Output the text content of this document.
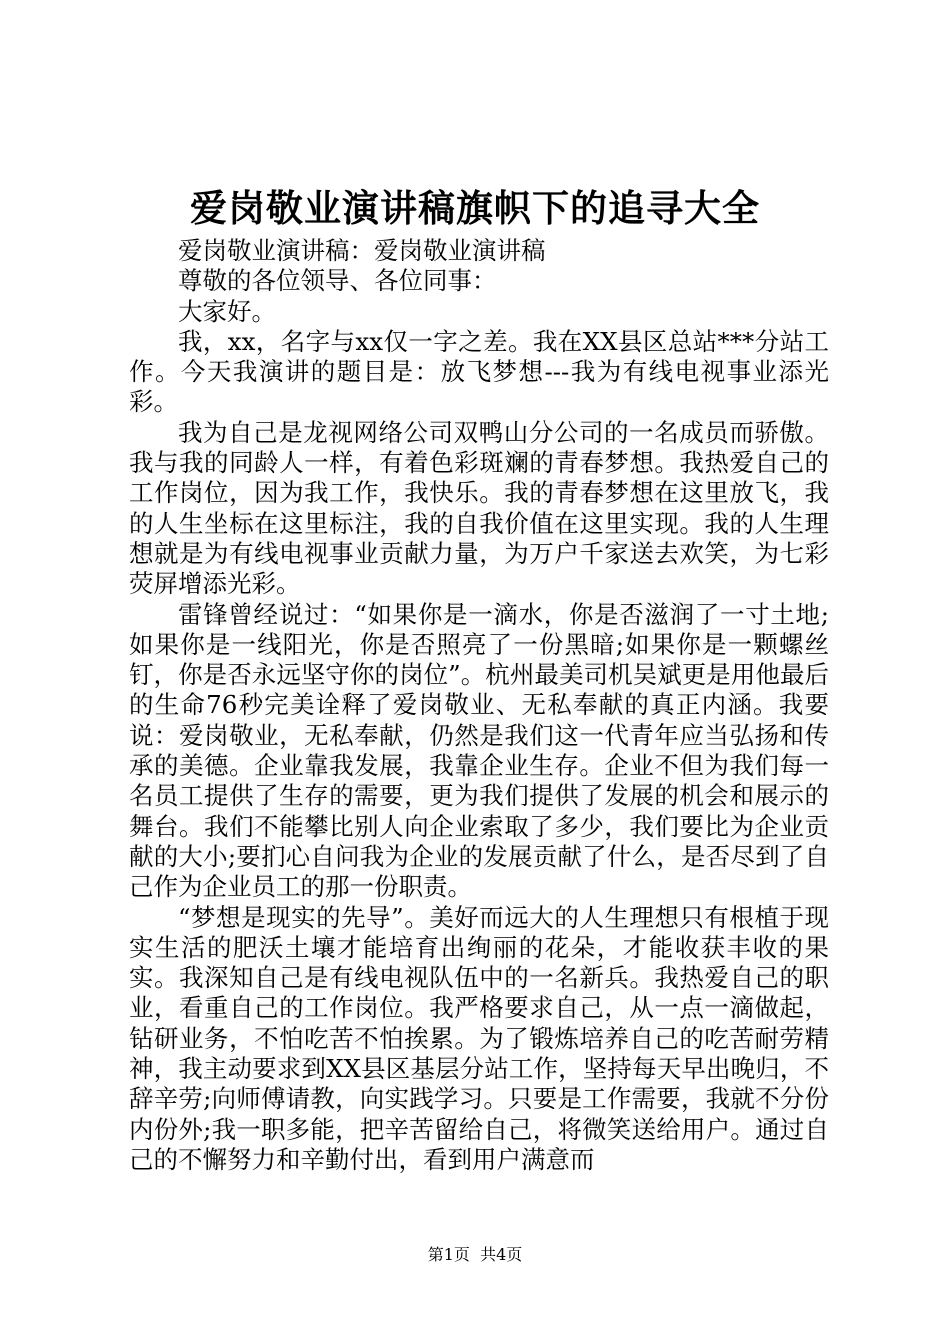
爱岗敬业演讲稿旗帜下的追寻大全

爱岗敬业演讲稿：爱岗敬业演讲稿

尊敬的各位领导、各位同事：

大家好。

我，xx，名字与xx仅一字之差。我在XX县区总站***分站工作。今天我演讲的题目是：放飞梦想---我为有线电视事业添光彩。

我为自己是龙视网络公司双鸭山分公司的一名成员而骄傲。我与我的同龄人一样，有着色彩斑斓的青春梦想。我热爱自己的工作岗位，因为我工作，我快乐。我的青春梦想在这里放飞，我的人生坐标在这里标注，我的自我价值在这里实现。我的人生理想就是为有线电视事业贡献力量，为万户千家送去欢笑，为七彩荧屏增添光彩。

雷锋曾经说过：“如果你是一滴水，你是否滋润了一寸土地;如果你是一线阳光，你是否照亮了一份黑暗;如果你是一颗螺丝钉，你是否永远坚守你的岗位”。杭州最美司机吴斌更是用他最后的生命76秒完美诠释了爱岗敬业、无私奉献的真正内涵。我要说：爱岗敬业，无私奉献，仍然是我们这一代青年应当弘扬和传承的美德。企业靠我发展，我靠企业生存。企业不但为我们每一名员工提供了生存的需要，更为我们提供了发展的机会和展示的舞台。我们不能攀比别人向企业索取了多少，我们要比为企业贡献的大小;要扪心自问我为企业的发展贡献了什么，是否尽到了自己作为企业员工的那一份职责。

“梦想是现实的先导”。美好而远大的人生理想只有根植于现实生活的肥沃土壤才能培育出绚丽的花朵，才能收获丰收的果实。我深知自己是有线电视队伍中的一名新兵。我热爱自己的职业，看重自己的工作岗位。我严格要求自己，从一点一滴做起，钻研业务，不怕吃苦不怕挨累。为了锻炼培养自己的吃苦耐劳精神，我主动要求到XX县区基层分站工作，坚持每天早出晚归，不辞辛劳;向师傅请教，向实践学习。只要是工作需要，我就不分份内份外;我一职多能，把辛苦留给自己，将微笑送给用户。通过自己的不懈努力和辛勤付出，看到用户满意而

第1页 共4页
